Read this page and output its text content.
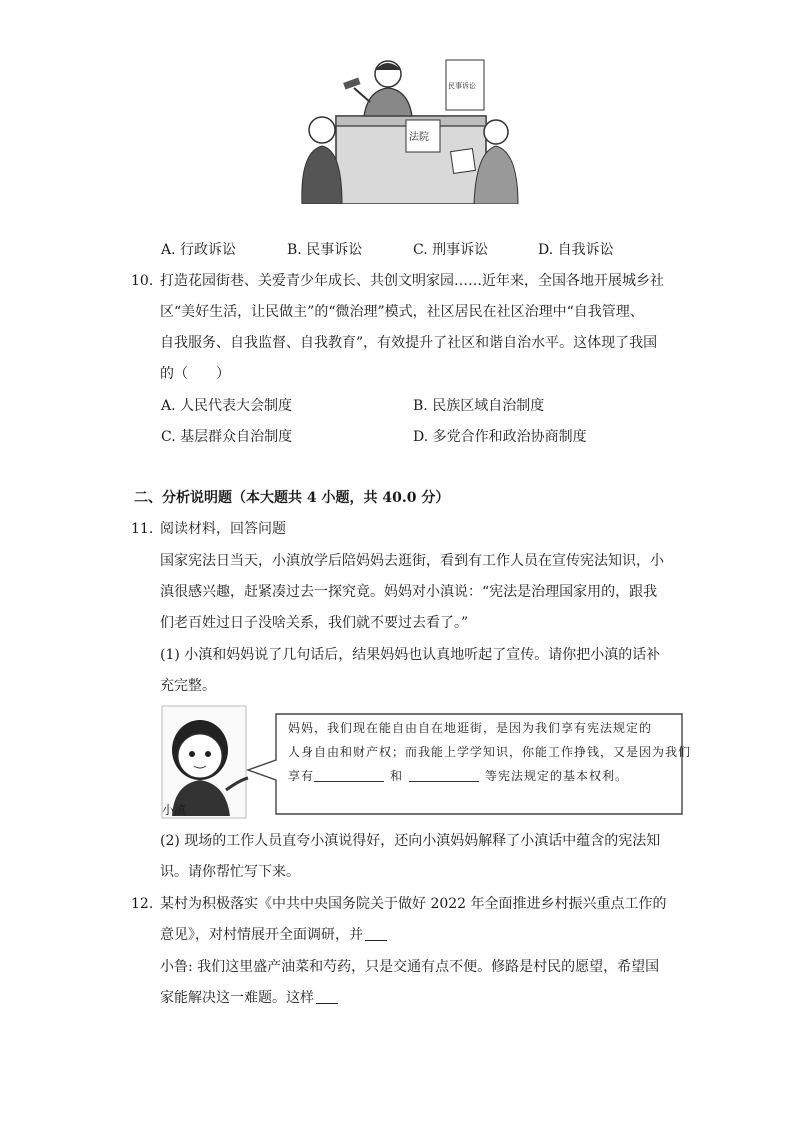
法院
民事诉讼
A. 行政诉讼	B. 民事诉讼	C. 刑事诉讼	D. 自我诉讼
10. 打造花园街巷、关爱青少年成长、共创文明家园……近年来，全国各地开展城乡社
区“美好生活，让民做主”的“微治理”模式，社区居民在社区治理中“自我管理、
自我服务、自我监督、自我教育”，有效提升了社区和谐自治水平。这体现了我国
的（　　）
A. 人民代表大会制度	B. 民族区域自治制度
C. 基层群众自治制度	D. 多党合作和政治协商制度
二、分析说明题（本大题共 4 小题，共 40.0 分）
11. 阅读材料，回答问题
国家宪法日当天，小滇放学后陪妈妈去逛街，看到有工作人员在宣传宪法知识，小
滇很感兴趣，赶紧凑过去一探究竟。妈妈对小滇说：“宪法是治理国家用的，跟我
们老百姓过日子没啥关系，我们就不要过去看了。”
(1) 小滇和妈妈说了几句话后，结果妈妈也认真地听起了宣传。请你把小滇的话补
充完整。
小滇
妈妈，我们现在能自由自在地逛街，是因为我们享有宪法规定的
人身自由和财产权；而我能上学学知识，你能工作挣钱，又是因为我们
享有	和	等宪法规定的基本权利。
(2) 现场的工作人员直夸小滇说得好，还向小滇妈妈解释了小滇话中蕴含的宪法知
识。请你帮忙写下来。
12. 某村为积极落实《中共中央国务院关于做好 2022 年全面推进乡村振兴重点工作的
意见》，对村情展开全面调研，并
小鲁: 我们这里盛产油菜和芍药，只是交通有点不便。修路是村民的愿望，希望国
家能解决这一难题。这样
